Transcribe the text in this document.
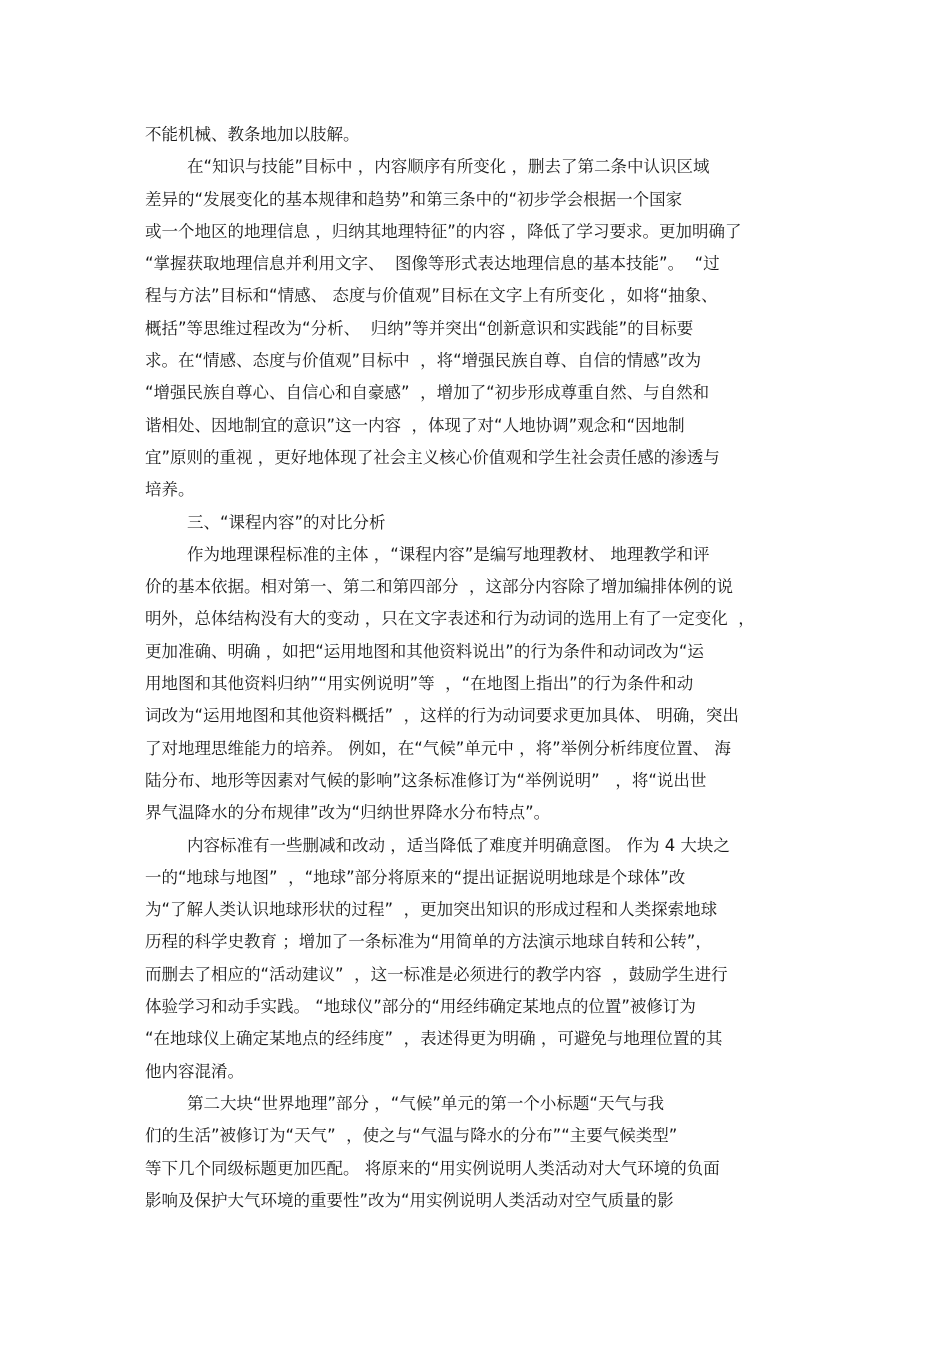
不能机械、教条地加以肢解。
在“知识与技能”目标中 ，内容顺序有所变化 ，删去了第二条中认识区域
差异的“发展变化的基本规律和趋势”和第三条中的“初步学会根据一个国家
或一个地区的地理信息 ，归纳其地理特征”的内容 ，降低了学习要求。更加明确了
“掌握获取地理信息并利用文字、  图像等形式表达地理信息的基本技能”。  “过
程与方法”目标和“情感、 态度与价值观”目标在文字上有所变化 ，如将“抽象、
概括”等思维过程改为“分析、  归纳”等并突出“创新意识和实践能”的目标要
求。在“情感、态度与价值观”目标中  ，将“增强民族自尊、自信的情感”改为
“增强民族自尊心、自信心和自豪感”  ，增加了“初步形成尊重自然、与自然和
谐相处、因地制宜的意识”这一内容  ，体现了对“人地协调”观念和“因地制
宜”原则的重视 ，更好地体现了社会主义核心价值观和学生社会责任感的渗透与
培养。
三、“课程内容”的对比分析
作为地理课程标准的主体 ，“课程内容”是编写地理教材、 地理教学和评
价的基本依据。相对第一、第二和第四部分  ，这部分内容除了增加编排体例的说
明外，总体结构没有大的变动 ，只在文字表述和行为动词的选用上有了一定变化  ，
更加准确、明确 ，如把“运用地图和其他资料说出”的行为条件和动词改为“运
用地图和其他资料归纳”“用实例说明”等  ，“在地图上指出”的行为条件和动
词改为“运用地图和其他资料概括”  ，这样的行为动词要求更加具体、 明确，突出
了对地理思维能力的培养。 例如，在“气候”单元中 ，将”举例分析纬度位置、 海
陆分布、地形等因素对气候的影响”这条标准修订为“举例说明”   ，将“说出世
界气温降水的分布规律”改为“归纳世界降水分布特点”。
内容标准有一些删减和改动 ，适当降低了难度并明确意图。 作为 4 大块之
一的“地球与地图”  ，“地球”部分将原来的“提出证据说明地球是个球体”改
为“了解人类认识地球形状的过程”  ，更加突出知识的形成过程和人类探索地球
历程的科学史教育 ；增加了一条标准为“用简单的方法演示地球自转和公转”，
而删去了相应的“活动建议”  ，这一标准是必须进行的教学内容  ，鼓励学生进行
体验学习和动手实践。 “地球仪”部分的“用经纬确定某地点的位置”被修订为
“在地球仪上确定某地点的经纬度”  ，表述得更为明确 ，可避免与地理位置的其
他内容混淆。
第二大块“世界地理”部分 ，“气候”单元的第一个小标题“天气与我
们的生活”被修订为“天气”  ，使之与“气温与降水的分布”“主要气候类型”
等下几个同级标题更加匹配。 将原来的“用实例说明人类活动对大气环境的负面
影响及保护大气环境的重要性”改为“用实例说明人类活动对空气质量的影
